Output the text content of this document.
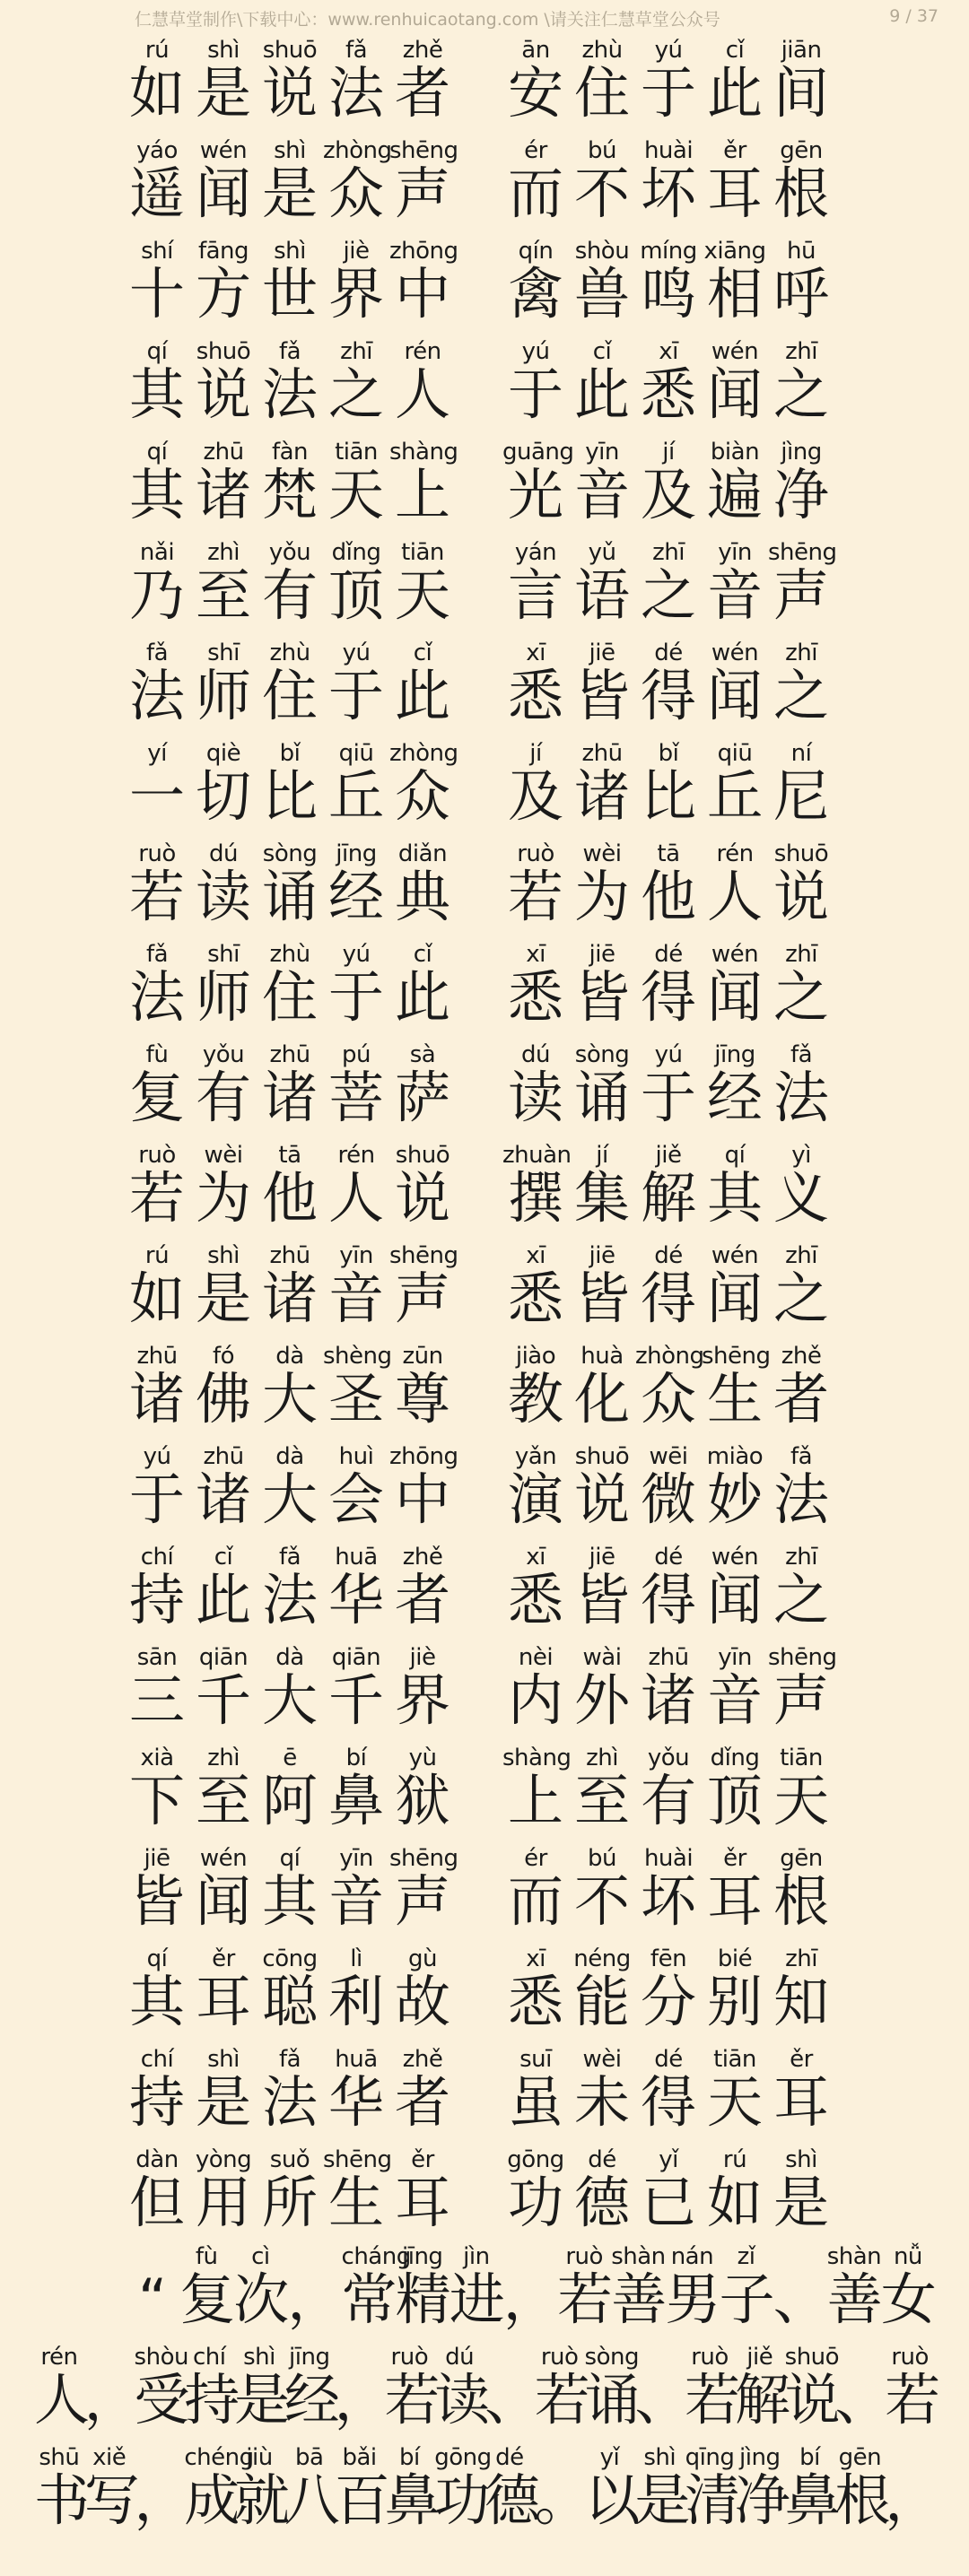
仁慧草堂制作\下载中心：www.renhuicaotang.com \请关注仁慧草堂公众号	9 / 37
rú
如
shì
是
shuō
说
fǎ
法
zhě
者
ān
安
zhù
住
yú
于
cǐ
此
jiān
间
yáo
遥
wén
闻
shì
是
zhòng
众
shēng
声
ér
而
bú
不
huài
坏
ěr
耳
gēn
根
shí
十
fāng
方
shì
世
jiè
界
zhōng
中
qín
禽
shòu
兽
míng
鸣
xiāng
相
hū
呼
qí
其
shuō
说
fǎ
法
zhī
之
rén
人
yú
于
cǐ
此
xī
悉
wén
闻
zhī
之
qí
其
zhū
诸
fàn
梵
tiān
天
shàng
上
guāng
光
yīn
音
jí
及
biàn
遍
jìng
净
nǎi
乃
zhì
至
yǒu
有
dǐng
顶
tiān
天
yán
言
yǔ
语
zhī
之
yīn
音
shēng
声
fǎ
法
shī
师
zhù
住
yú
于
cǐ
此
xī
悉
jiē
皆
dé
得
wén
闻
zhī
之
yí
一
qiè
切
bǐ
比
qiū
丘
zhòng
众
jí
及
zhū
诸
bǐ
比
qiū
丘
ní
尼
ruò
若
dú
读
sòng
诵
jīng
经
diǎn
典
ruò
若
wèi
为
tā
他
rén
人
shuō
说
fǎ
法
shī
师
zhù
住
yú
于
cǐ
此
xī
悉
jiē
皆
dé
得
wén
闻
zhī
之
fù
复
yǒu
有
zhū
诸
pú
菩
sà
萨
dú
读
sòng
诵
yú
于
jīng
经
fǎ
法
ruò
若
wèi
为
tā
他
rén
人
shuō
说
zhuàn
撰
jí
集
jiě
解
qí
其
yì
义
rú
如
shì
是
zhū
诸
yīn
音
shēng
声
xī
悉
jiē
皆
dé
得
wén
闻
zhī
之
zhū
诸
fó
佛
dà
大
shèng
圣
zūn
尊
jiào
教
huà
化
zhòng
众
shēng
生
zhě
者
yú
于
zhū
诸
dà
大
huì
会
zhōng
中
yǎn
演
shuō
说
wēi
微
miào
妙
fǎ
法
chí
持
cǐ
此
fǎ
法
huā
华
zhě
者
xī
悉
jiē
皆
dé
得
wén
闻
zhī
之
sān
三
qiān
千
dà
大
qiān
千
jiè
界
nèi
内
wài
外
zhū
诸
yīn
音
shēng
声
xià
下
zhì
至
ē
阿
bí
鼻
yù
狱
shàng
上
zhì
至
yǒu
有
dǐng
顶
tiān
天
jiē
皆
wén
闻
qí
其
yīn
音
shēng
声
ér
而
bú
不
huài
坏
ěr
耳
gēn
根
qí
其
ěr
耳
cōng
聪
lì
利
gù
故
xī
悉
néng
能
fēn
分
bié
别
zhī
知
chí
持
shì
是
fǎ
法
huā
华
zhě
者
suī
虽
wèi
未
dé
得
tiān
天
ěr
耳
dàn
但
yòng
用
suǒ
所
shēng
生
ěr
耳
gōng
功
dé
德
yǐ
已
rú
如
shì
是
“
fù
复
cì
次
，
cháng
常
jīng
精
jìn
进
，
ruò
若
shàn
善
nán
男
zǐ
子
、
shàn
善
nǚ
女
rén
人
，
shòu
受
chí
持
shì
是
jīng
经
，
ruò
若
dú
读
、
ruò
若
sòng
诵
、
ruò
若
jiě
解
shuō
说
、
ruò
若
shū
书
xiě
写
，
chéng
成
jiù
就
bā
八
bǎi
百
bí
鼻
gōng
功
dé
德
。
yǐ
以
shì
是
qīng
清
jìng
净
bí
鼻
gēn
根
，
